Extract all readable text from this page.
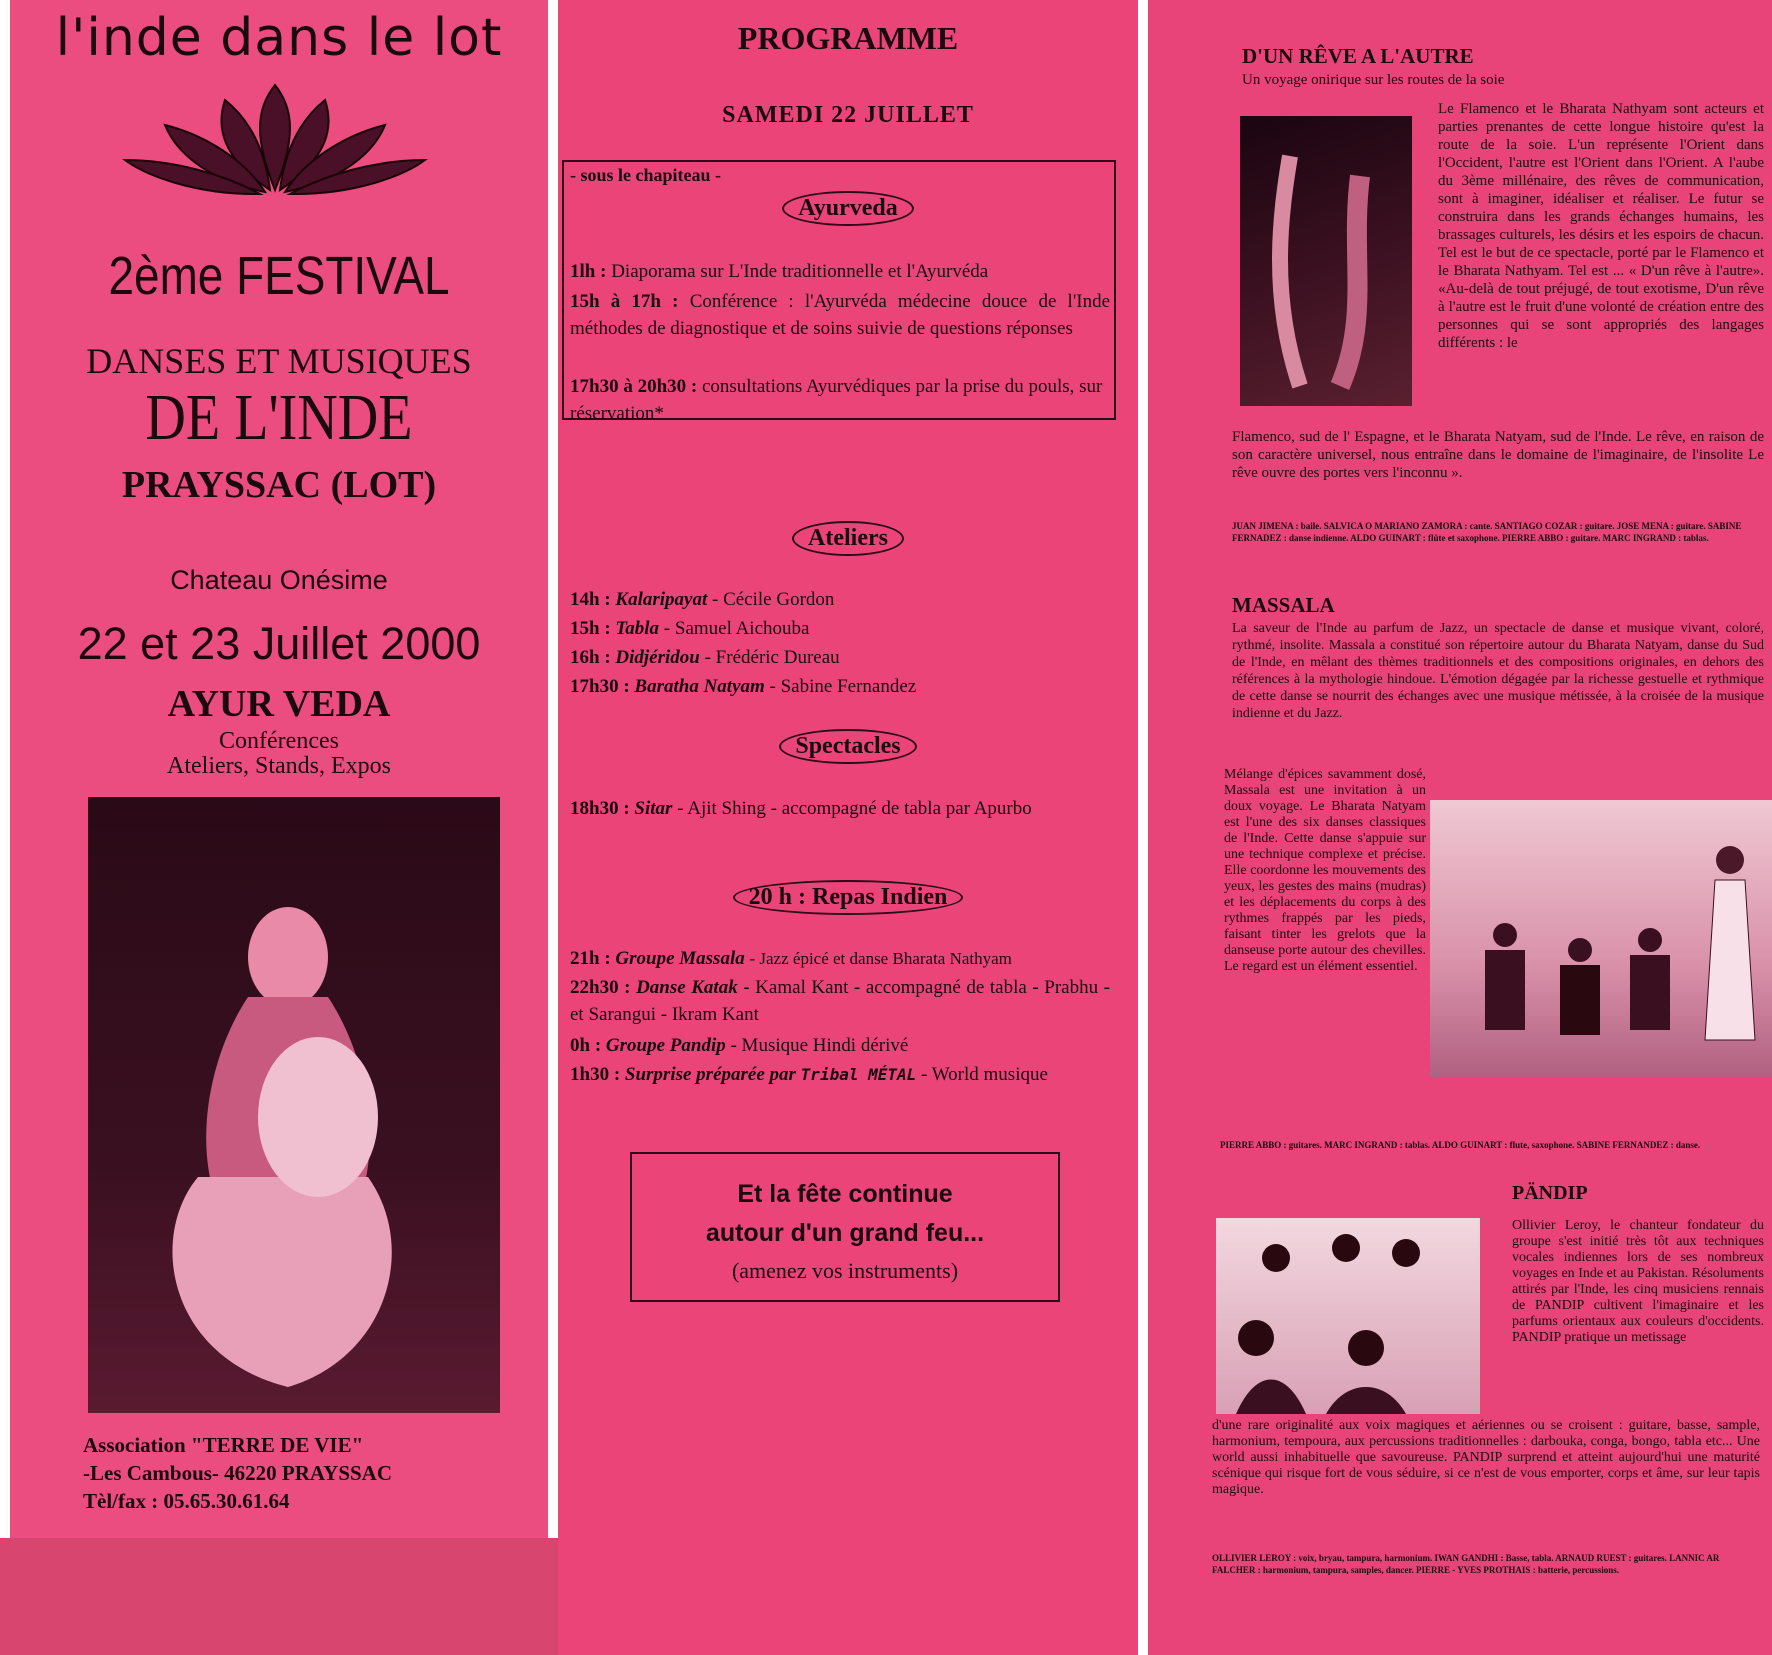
l'inde dans le lot
2ème FESTIVAL
DANSES ET MUSIQUES
DE L'INDE
PRAYSSAC (LOT)
Chateau Onésime
22 et 23 Juillet 2000
AYUR VEDA
Conférences
Ateliers, Stands, Expos
Association "TERRE DE VIE"
-Les Cambous- 46220 PRAYSSAC
Tèl/fax : 05.65.30.61.64
PROGRAMME
SAMEDI 22 JUILLET
- sous le chapiteau -
Ayurveda
1lh : Diaporama sur L'Inde traditionnelle et l'Ayurvéda
15h à 17h : Conférence : l'Ayurvéda médecine douce de l'Inde méthodes de diagnostique et de soins suivie de questions réponses
17h30 à 20h30 : consultations Ayurvédiques par la prise du pouls, sur réservation*
Ateliers
14h : Kalaripayat - Cécile Gordon
15h : Tabla - Samuel Aichouba
16h : Didjéridou - Frédéric Dureau
17h30 : Baratha Natyam - Sabine Fernandez
Spectacles
18h30 : Sitar - Ajit Shing - accompagné de tabla par Apurbo
20 h : Repas Indien
21h : Groupe Massala - Jazz épicé et danse Bharata Nathyam
22h30 : Danse Katak - Kamal Kant - accompagné de tabla - Prabhu - et Sarangui - Ikram Kant
0h : Groupe Pandip - Musique Hindi dérivé
1h30 : Surprise préparée par Tribal MÉTAL - World musique
Et la fête continue
autour d'un grand feu...
(amenez vos instruments)
D'UN RÊVE A L'AUTRE
Un voyage onirique sur les routes de la soie
Le Flamenco et le Bharata Nathyam sont acteurs et parties prenantes de cette longue histoire qu'est la route de la soie. L'un représente l'Orient dans l'Occident, l'autre est l'Orient dans l'Orient. A l'aube du 3ème millénaire, des rêves de communication, sont à imaginer, idéaliser et réaliser. Le futur se construira dans les grands échanges humains, les brassages culturels, les désirs et les espoirs de chacun. Tel est le but de ce spectacle, porté par le Flamenco et le Bharata Nathyam. Tel est ... « D'un rêve à l'autre». «Au-delà de tout préjugé, de tout exotisme, D'un rêve à l'autre est le fruit d'une volonté de création entre des personnes qui se sont appropriés des langages différents : le
Flamenco, sud de l' Espagne, et le Bharata Natyam, sud de l'Inde. Le rêve, en raison de son caractère universel, nous entraîne dans le domaine de l'imaginaire, de l'insolite Le rêve ouvre des portes vers l'inconnu ».
JUAN JIMENA : baile. SALVICA O MARIANO ZAMORA : cante. SANTIAGO COZAR : guitare. JOSE MENA : guitare. SABINE FERNADEZ : danse indienne. ALDO GUINART : flûte et saxophone. PIERRE ABBO : guitare. MARC INGRAND : tablas.
MASSALA
La saveur de l'Inde au parfum de Jazz, un spectacle de danse et musique vivant, coloré, rythmé, insolite. Massala a constitué son répertoire autour du Bharata Natyam, danse du Sud de l'Inde, en mêlant des thèmes traditionnels et des compositions originales, en dehors des références à la mythologie hindoue. L'émotion dégagée par la richesse gestuelle et rythmique de cette danse se nourrit des échanges avec une musique métissée, à la croisée de la musique indienne et du Jazz.
Mélange d'épices savamment dosé, Massala est une invitation à un doux voyage. Le Bharata Natyam est l'une des six danses classiques de l'Inde. Cette danse s'appuie sur une technique complexe et précise. Elle coordonne les mouvements des yeux, les gestes des mains (mudras) et les déplacements du corps à des rythmes frappés par les pieds, faisant tinter les grelots que la danseuse porte autour des chevilles. Le regard est un élément essentiel.
PIERRE ABBO : guitares. MARC INGRAND : tablas. ALDO GUINART : flute, saxophone. SABINE FERNANDEZ : danse.
PÄNDIP
Ollivier Leroy, le chanteur fondateur du groupe s'est initié très tôt aux techniques vocales indiennes lors de ses nombreux voyages en Inde et au Pakistan. Résoluments attirés par l'Inde, les cinq musiciens rennais de PANDIP cultivent l'imaginaire et les parfums orientaux aux couleurs d'occidents. PANDIP pratique un metissage
d'une rare originalité aux voix magiques et aériennes ou se croisent : guitare, basse, sample, harmonium, tempoura, aux percussions traditionnelles : darbouka, conga, bongo, tabla etc... Une world aussi inhabituelle que savoureuse. PANDIP surprend et atteint aujourd'hui une maturité scénique qui risque fort de vous séduire, si ce n'est de vous emporter, corps et âme, sur leur tapis magique.
OLLIVIER LEROY : voix, bryau, tampura, harmonium. IWAN GANDHI : Basse, tabla. ARNAUD RUEST : guitares. LANNIC AR FALCHER : harmonium, tampura, samples, dancer. PIERRE - YVES PROTHAIS : batterie, percussions.
